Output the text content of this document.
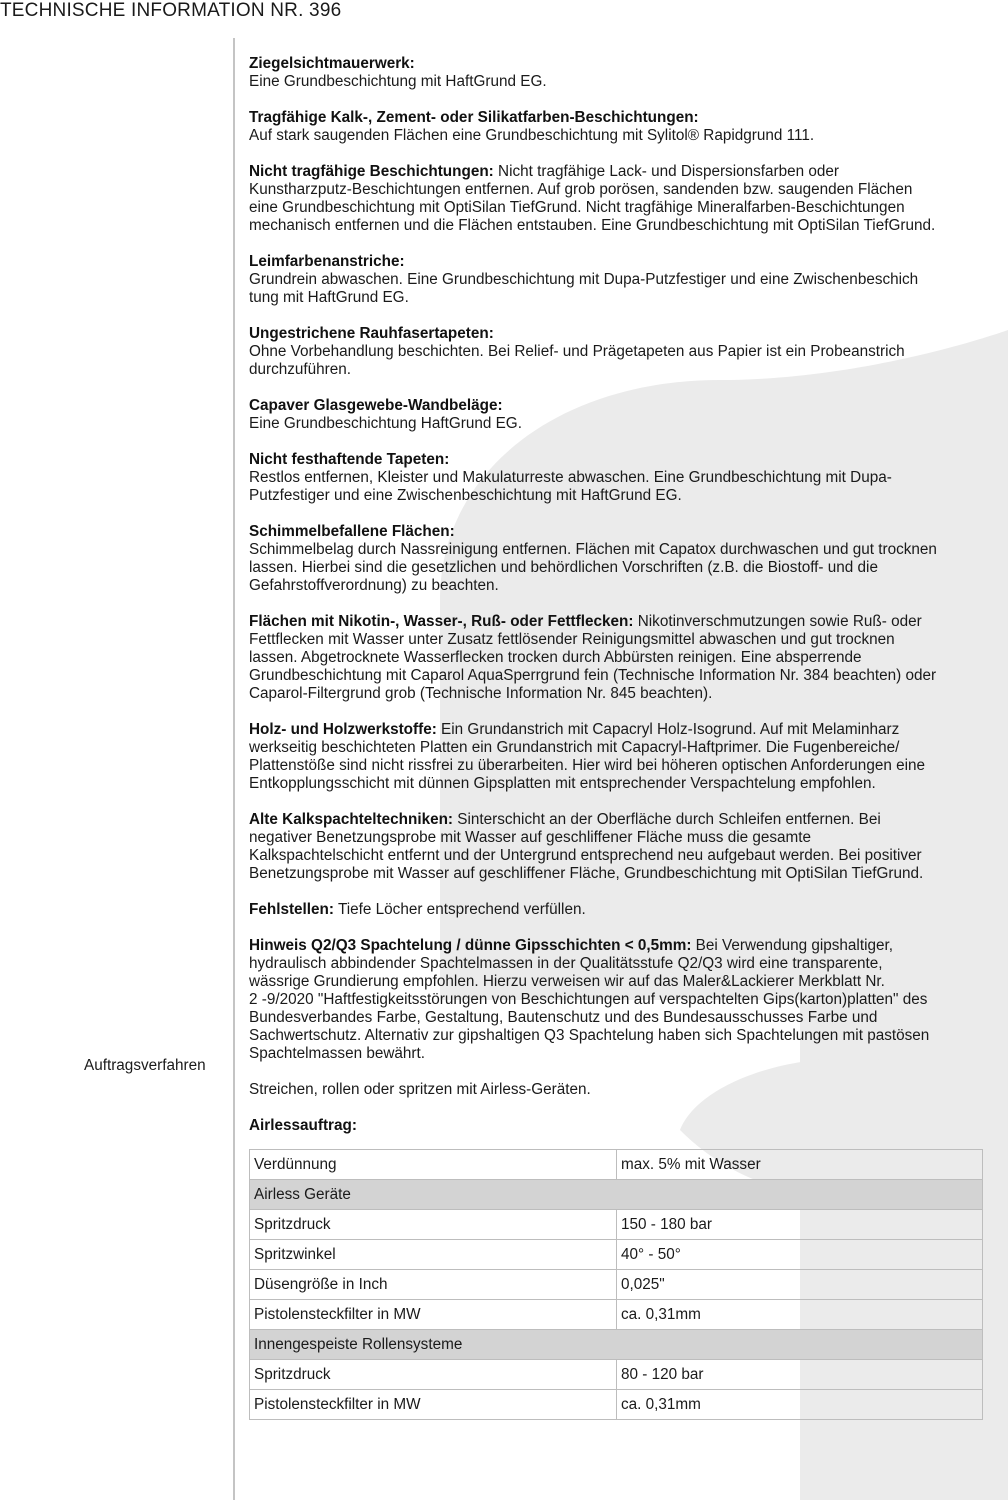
TECHNISCHE INFORMATION NR. 396

Ziegelsichtmauerwerk:
Eine Grundbeschichtung mit HaftGrund EG.

Tragfähige Kalk-, Zement- oder Silikatfarben-Beschichtungen:
Auf stark saugenden Flächen eine Grundbeschichtung mit Sylitol® Rapidgrund 111.

Nicht tragfähige Beschichtungen: Nicht tragfähige Lack- und Dispersionsfarben oder
Kunstharzputz-Beschichtungen entfernen. Auf grob porösen, sandenden bzw. saugenden Flächen
eine Grundbeschichtung mit OptiSilan TiefGrund. Nicht tragfähige Mineralfarben-Beschichtungen
mechanisch entfernen und die Flächen entstauben. Eine Grundbeschichtung mit OptiSilan TiefGrund.

Leimfarbenanstriche:
Grundrein abwaschen. Eine Grundbeschichtung mit Dupa-Putzfestiger und eine Zwischenbeschich
tung mit HaftGrund EG.

Ungestrichene Rauhfasertapeten:
Ohne Vorbehandlung beschichten. Bei Relief- und Prägetapeten aus Papier ist ein Probeanstrich
durchzuführen.

Capaver Glasgewebe-Wandbeläge:
Eine Grundbeschichtung HaftGrund EG.

Nicht festhaftende Tapeten:
Restlos entfernen, Kleister und Makulaturreste abwaschen. Eine Grundbeschichtung mit Dupa-
Putzfestiger und eine Zwischenbeschichtung mit HaftGrund EG.

Schimmelbefallene Flächen:
Schimmelbelag durch Nassreinigung entfernen. Flächen mit Capatox durchwaschen und gut trocknen
lassen. Hierbei sind die gesetzlichen und behördlichen Vorschriften (z.B. die Biostoff- und die
Gefahrstoffverordnung) zu beachten.

Flächen mit Nikotin-, Wasser-, Ruß- oder Fettflecken: Nikotinverschmutzungen sowie Ruß- oder
Fettflecken mit Wasser unter Zusatz fettlösender Reinigungsmittel abwaschen und gut trocknen
lassen. Abgetrocknete Wasserflecken trocken durch Abbürsten reinigen. Eine absperrende
Grundbeschichtung mit Caparol AquaSperrgrund fein (Technische Information Nr. 384 beachten) oder
Caparol-Filtergrund grob (Technische Information Nr. 845 beachten).

Holz- und Holzwerkstoffe: Ein Grundanstrich mit Capacryl Holz-Isogrund. Auf mit Melaminharz
werkseitig beschichteten Platten ein Grundanstrich mit Capacryl-Haftprimer. Die Fugenbereiche/
Plattenstöße sind nicht rissfrei zu überarbeiten. Hier wird bei höheren optischen Anforderungen eine
Entkopplungsschicht mit dünnen Gipsplatten mit entsprechender Verspachtelung empfohlen.

Alte Kalkspachteltechniken: Sinterschicht an der Oberfläche durch Schleifen entfernen. Bei
negativer Benetzungsprobe mit Wasser auf geschliffener Fläche muss die gesamte
Kalkspachtelschicht entfernt und der Untergrund entsprechend neu aufgebaut werden. Bei positiver
Benetzungsprobe mit Wasser auf geschliffener Fläche, Grundbeschichtung mit OptiSilan TiefGrund.

Fehlstellen: Tiefe Löcher entsprechend verfüllen.

Hinweis Q2/Q3 Spachtelung / dünne Gipsschichten < 0,5mm: Bei Verwendung gipshaltiger,
hydraulisch abbindender Spachtelmassen in der Qualitätsstufe Q2/Q3 wird eine transparente,
wässrige Grundierung empfohlen. Hierzu verweisen wir auf das Maler&Lackierer Merkblatt Nr.
2 -9/2020 "Haftfestigkeitsstörungen von Beschichtungen auf verspachtelten Gips(karton)platten" des
Bundesverbandes Farbe, Gestaltung, Bautenschutz und des Bundesausschusses Farbe und
Sachwertschutz. Alternativ zur gipshaltigen Q3 Spachtelung haben sich Spachtelungen mit pastösen
Spachtelmassen bewährt.

Streichen, rollen oder spritzen mit Airless-Geräten.

Airlessauftrag:

Verdünnung	max. 5% mit Wasser
Airless Geräte	
Spritzdruck	150 - 180 bar
Spritzwinkel	40° - 50°
Düsengröße in Inch	0,025"
Pistolensteckfilter in MW	ca. 0,31mm
Innengespeiste Rollensysteme	
Spritzdruck	80 - 120 bar
Pistolensteckfilter in MW	ca. 0,31mm
Auftragsverfahren
